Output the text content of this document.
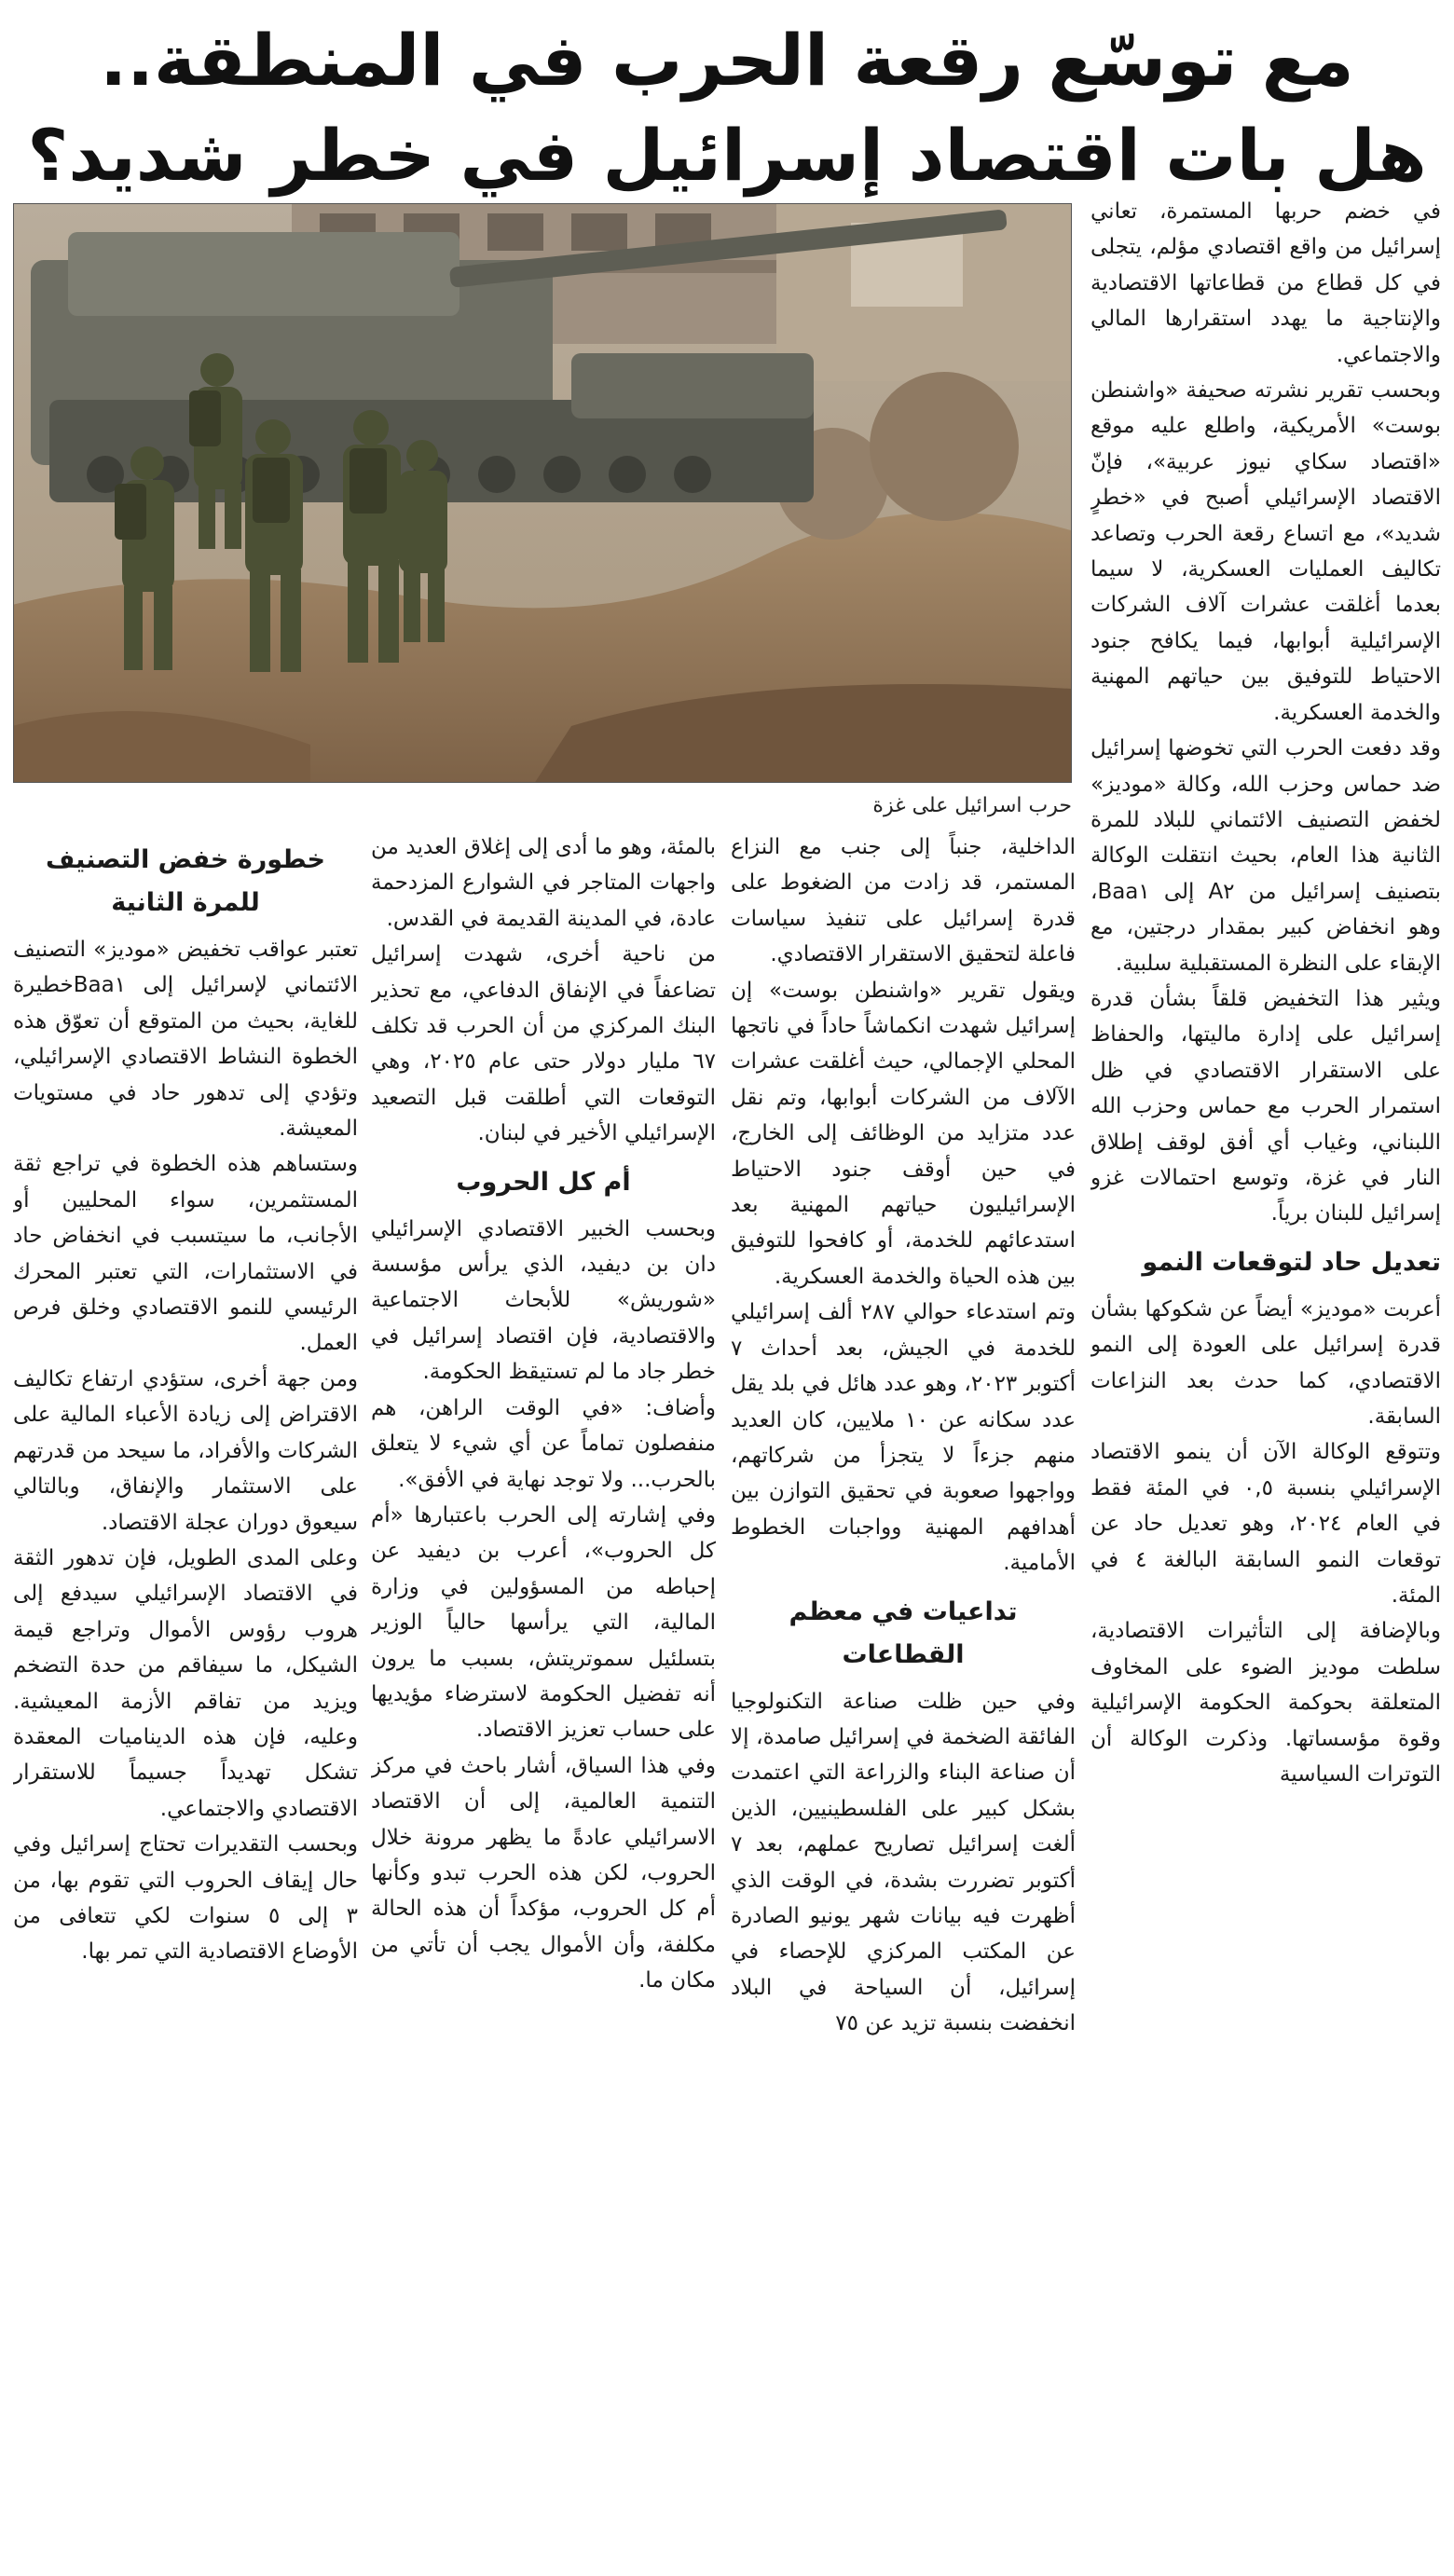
مع توسّع رقعة الحرب في المنطقة..
هل بات اقتصاد إسرائيل في خطر شديد؟
حرب اسرائيل على غزة

في خضم حربها المستمرة، تعاني إسرائيل من واقع اقتصادي مؤلم، يتجلى في كل قطاع من قطاعاتها الاقتصادية والإنتاجية ما يهدد استقرارها المالي والاجتماعي.

وبحسب تقرير نشرته صحيفة «واشنطن بوست» الأمريكية، واطلع عليه موقع «اقتصاد سكاي نيوز عربية»، فإنّ الاقتصاد الإسرائيلي أصبح في «خطرٍ شديد»، مع اتساع رقعة الحرب وتصاعد تكاليف العمليات العسكرية، لا سيما بعدما أغلقت عشرات آلاف الشركات الإسرائيلية أبوابها، فيما يكافح جنود الاحتياط للتوفيق بين حياتهم المهنية والخدمة العسكرية.

وقد دفعت الحرب التي تخوضها إسرائيل ضد حماس وحزب الله، وكالة «موديز» لخفض التصنيف الائتماني للبلاد للمرة الثانية هذا العام، بحيث انتقلت الوكالة بتصنيف إسرائيل من A٢ إلى Baa١، وهو انخفاض كبير بمقدار درجتين، مع الإبقاء على النظرة المستقبلية سلبية.

ويثير هذا التخفيض قلقاً بشأن قدرة إسرائيل على إدارة ماليتها، والحفاظ على الاستقرار الاقتصادي في ظل استمرار الحرب مع حماس وحزب الله اللبناني، وغياب أي أفق لوقف إطلاق النار في غزة، وتوسع احتمالات غزو إسرائيل للبنان برياً.

تعديل حاد لتوقعات النمو

أعربت «موديز» أيضاً عن شكوكها بشأن قدرة إسرائيل على العودة إلى النمو الاقتصادي، كما حدث بعد النزاعات السابقة.

وتتوقع الوكالة الآن أن ينمو الاقتصاد الإسرائيلي بنسبة ٠,٥ في المئة فقط في العام ٢٠٢٤، وهو تعديل حاد عن توقعات النمو السابقة البالغة ٤ في المئة.

وبالإضافة إلى التأثيرات الاقتصادية، سلطت موديز الضوء على المخاوف المتعلقة بحوكمة الحكومة الإسرائيلية وقوة مؤسساتها. وذكرت الوكالة أن التوترات السياسية

الداخلية، جنباً إلى جنب مع النزاع المستمر، قد زادت من الضغوط على قدرة إسرائيل على تنفيذ سياسات فاعلة لتحقيق الاستقرار الاقتصادي.

ويقول تقرير «واشنطن بوست» إن إسرائيل شهدت انكماشاً حاداً في ناتجها المحلي الإجمالي، حيث أغلقت عشرات الآلاف من الشركات أبوابها، وتم نقل عدد متزايد من الوظائف إلى الخارج، في حين أوقف جنود الاحتياط الإسرائيليون حياتهم المهنية بعد استدعائهم للخدمة، أو كافحوا للتوفيق بين هذه الحياة والخدمة العسكرية.

وتم استدعاء حوالي ٢٨٧ ألف إسرائيلي للخدمة في الجيش، بعد أحداث ٧ أكتوبر ٢٠٢٣، وهو عدد هائل في بلد يقل عدد سكانه عن ١٠ ملايين، كان العديد منهم جزءاً لا يتجزأ من شركاتهم، وواجهوا صعوبة في تحقيق التوازن بين أهدافهم المهنية وواجبات الخطوط الأمامية.

تداعيات في معظم القطاعات

وفي حين ظلت صناعة التكنولوجيا الفائقة الضخمة في إسرائيل صامدة، إلا أن صناعة البناء والزراعة التي اعتمدت بشكل كبير على الفلسطينيين، الذين ألغت إسرائيل تصاريح عملهم، بعد ٧ أكتوبر تضررت بشدة، في الوقت الذي أظهرت فيه بيانات شهر يونيو الصادرة عن المكتب المركزي للإحصاء في إسرائيل، أن السياحة في البلاد انخفضت بنسبة تزيد عن ٧٥

بالمئة، وهو ما أدى إلى إغلاق العديد من واجهات المتاجر في الشوارع المزدحمة عادة، في المدينة القديمة في القدس.

من ناحية أخرى، شهدت إسرائيل تضاعفاً في الإنفاق الدفاعي، مع تحذير البنك المركزي من أن الحرب قد تكلف ٦٧ مليار دولار حتى عام ٢٠٢٥، وهي التوقعات التي أطلقت قبل التصعيد الإسرائيلي الأخير في لبنان.

أم كل الحروب

وبحسب الخبير الاقتصادي الإسرائيلي دان بن ديفيد، الذي يرأس مؤسسة «شوريش» للأبحاث الاجتماعية والاقتصادية، فإن اقتصاد إسرائيل في خطر جاد ما لم تستيقظ الحكومة.

وأضاف: «في الوقت الراهن، هم منفصلون تماماً عن أي شيء لا يتعلق بالحرب... ولا توجد نهاية في الأفق».

وفي إشارته إلى الحرب باعتبارها «أم كل الحروب»، أعرب بن ديفيد عن إحباطه من المسؤولين في وزارة المالية، التي يرأسها حالياً الوزير بتسلئيل سموتريتش، بسبب ما يرون أنه تفضيل الحكومة لاسترضاء مؤيديها على حساب تعزيز الاقتصاد.

وفي هذا السياق، أشار باحث في مركز التنمية العالمية، إلى أن الاقتصاد الاسرائيلي عادةً ما يظهر مرونة خلال الحروب، لكن هذه الحرب تبدو وكأنها أم كل الحروب، مؤكداً أن هذه الحالة مكلفة، وأن الأموال يجب أن تأتي من مكان ما.

خطورة خفض التصنيف للمرة الثانية

تعتبر عواقب تخفيض «موديز» التصنيف الائتماني لإسرائيل إلى Baa١خطيرة للغاية، بحيث من المتوقع أن تعوّق هذه الخطوة النشاط الاقتصادي الإسرائيلي، وتؤدي إلى تدهور حاد في مستويات المعيشة.

وستساهم هذه الخطوة في تراجع ثقة المستثمرين، سواء المحليين أو الأجانب، ما سيتسبب في انخفاض حاد في الاستثمارات، التي تعتبر المحرك الرئيسي للنمو الاقتصادي وخلق فرص العمل.

ومن جهة أخرى، ستؤدي ارتفاع تكاليف الاقتراض إلى زيادة الأعباء المالية على الشركات والأفراد، ما سيحد من قدرتهم على الاستثمار والإنفاق، وبالتالي سيعوق دوران عجلة الاقتصاد.

وعلى المدى الطويل، فإن تدهور الثقة في الاقتصاد الإسرائيلي سيدفع إلى هروب رؤوس الأموال وتراجع قيمة الشيكل، ما سيفاقم من حدة التضخم ويزيد من تفاقم الأزمة المعيشية. وعليه، فإن هذه الديناميات المعقدة تشكل تهديداً جسيماً للاستقرار الاقتصادي والاجتماعي.

وبحسب التقديرات تحتاج إسرائيل وفي حال إيقاف الحروب التي تقوم بها، من ٣ إلى ٥ سنوات لكي تتعافى من الأوضاع الاقتصادية التي تمر بها.
